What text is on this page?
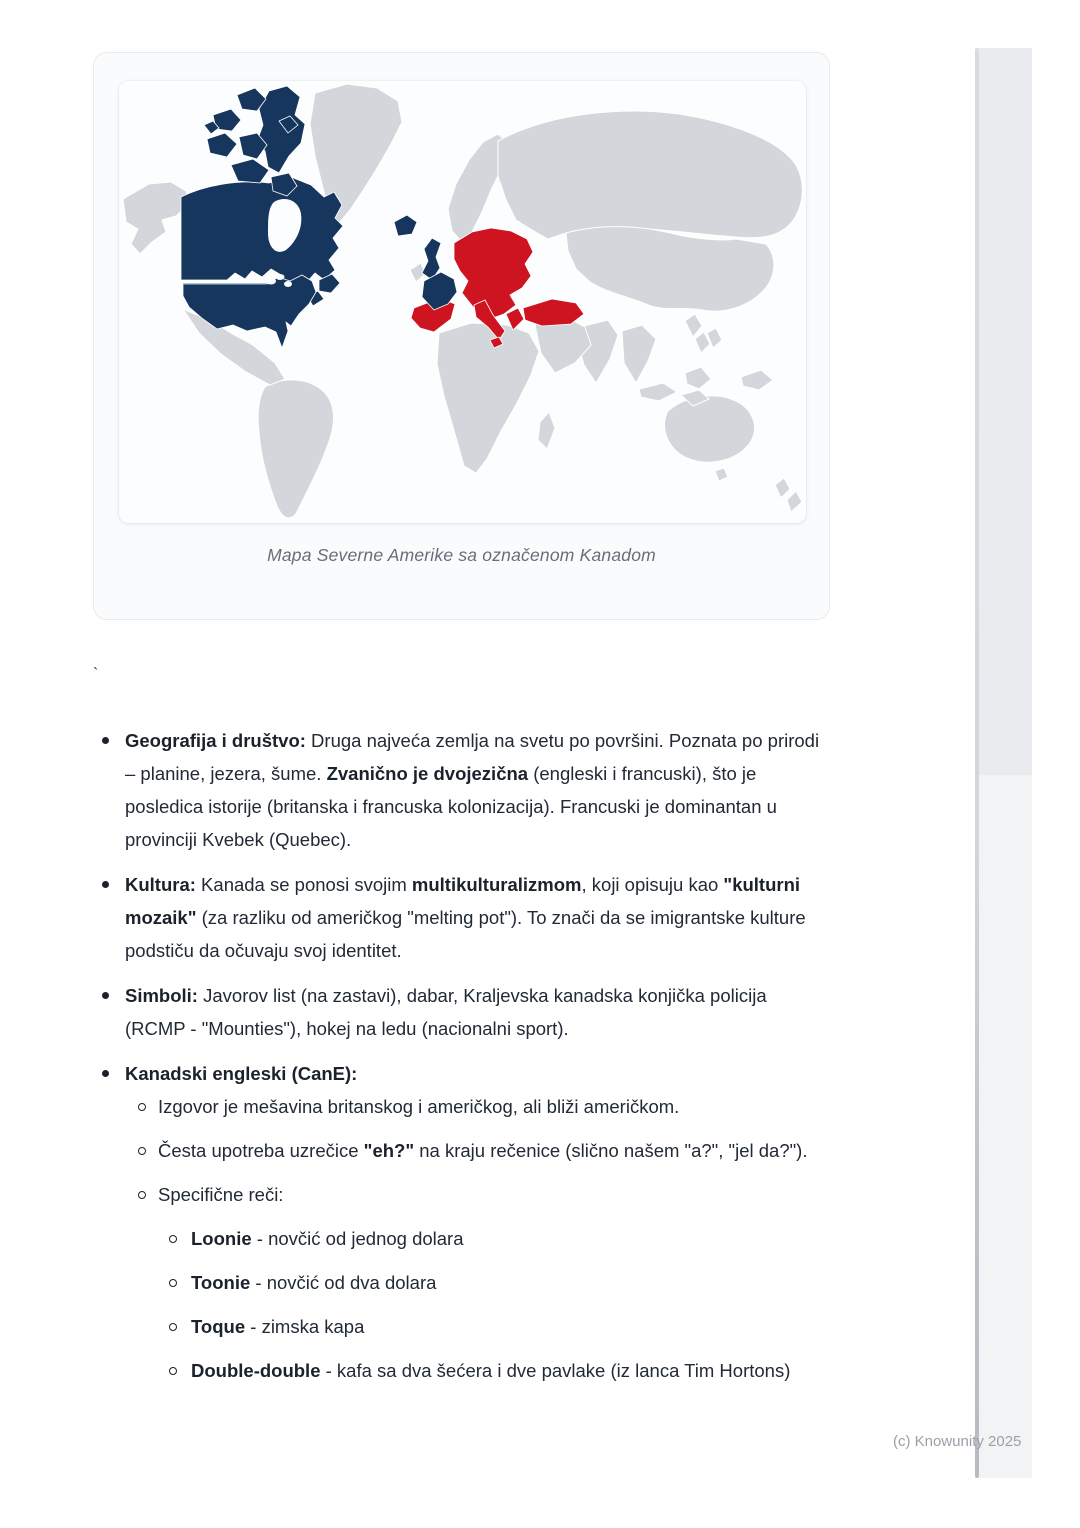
Mapa Severne Amerike sa označenom Kanadom
`
Geografija i društvo: Druga najveća zemlja na svetu po površini. Poznata po prirodi – planine, jezera, šume. Zvanično je dvojezična (engleski i francuski), što je posledica istorije (britanska i francuska kolonizacija). Francuski je dominantan u provinciji Kvebek (Quebec).
Kultura: Kanada se ponosi svojim multikulturalizmom, koji opisuju kao "kulturni mozaik" (za razliku od američkog "melting pot"). To znači da se imigrantske kulture podstiču da očuvaju svoj identitet.
Simboli: Javorov list (na zastavi), dabar, Kraljevska kanadska konjička policija (RCMP - "Mounties"), hokej na ledu (nacionalni sport).
Kanadski engleski (CanE):
Izgovor je mešavina britanskog i američkog, ali bliži američkom.
Česta upotreba uzrečice "eh?" na kraju rečenice (slično našem "a?", "jel da?").
Specifične reči:
Loonie - novčić od jednog dolara
Toonie - novčić od dva dolara
Toque - zimska kapa
Double-double - kafa sa dva šećera i dve pavlake (iz lanca Tim Hortons)
(c) Knowunity 2025
